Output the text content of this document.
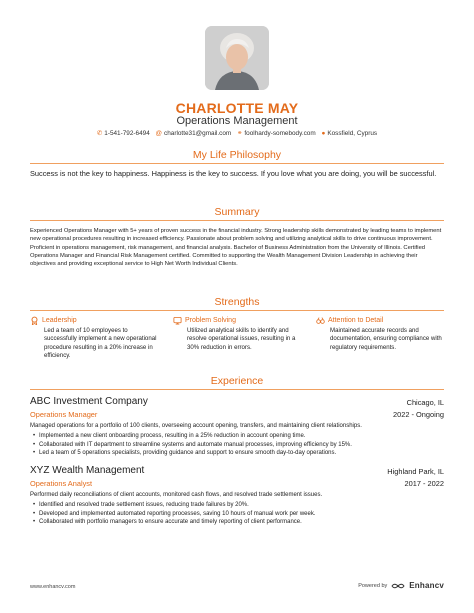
CHARLOTTE MAY
Operations Management
✆ 1-541-792-6494 @ charlotte31@gmail.com ⚭ foolhardy-somebody.com ● Kossfield, Cyprus
My Life Philosophy
Success is not the key to happiness. Happiness is the key to success. If you love what you are doing, you will be successful.
Summary
Experienced Operations Manager with 5+ years of proven success in the financial industry. Strong leadership skills demonstrated by leading teams to implement new operational procedures resulting in increased efficiency. Passionate about problem solving and utilizing analytical skills to drive continuous improvement. Proficient in operations management, risk management, and financial analysis. Bachelor of Business Administration from the University of Illinois. Certified Operations Manager and Financial Risk Management certified. Committed to supporting the Wealth Management Division Leadership in achieving their objectives and providing exceptional service to High Net Worth Individual Clients.
Strengths
Leadership
Led a team of 10 employees to successfully implement a new operational procedure resulting in a 20% increase in efficiency.
Problem Solving
Utilized analytical skills to identify and resolve operational issues, resulting in a 30% reduction in errors.
Attention to Detail
Maintained accurate records and documentation, ensuring compliance with regulatory requirements.
Experience
ABC Investment Company	Chicago, IL
Operations Manager	2022 - Ongoing
Managed operations for a portfolio of 100 clients, overseeing account opening, transfers, and maintaining client relationships.
• Implemented a new client onboarding process, resulting in a 25% reduction in account opening time.
• Collaborated with IT department to streamline systems and automate manual processes, improving efficiency by 15%.
• Led a team of 5 operations specialists, providing guidance and support to ensure smooth day-to-day operations.
XYZ Wealth Management	Highland Park, IL
Operations Analyst	2017 - 2022
Performed daily reconciliations of client accounts, monitored cash flows, and resolved trade settlement issues.
• Identified and resolved trade settlement issues, reducing trade failures by 20%.
• Developed and implemented automated reporting processes, saving 10 hours of manual work per week.
• Collaborated with portfolio managers to ensure accurate and timely reporting of client performance.
www.enhancv.com	Powered by	Enhancv
